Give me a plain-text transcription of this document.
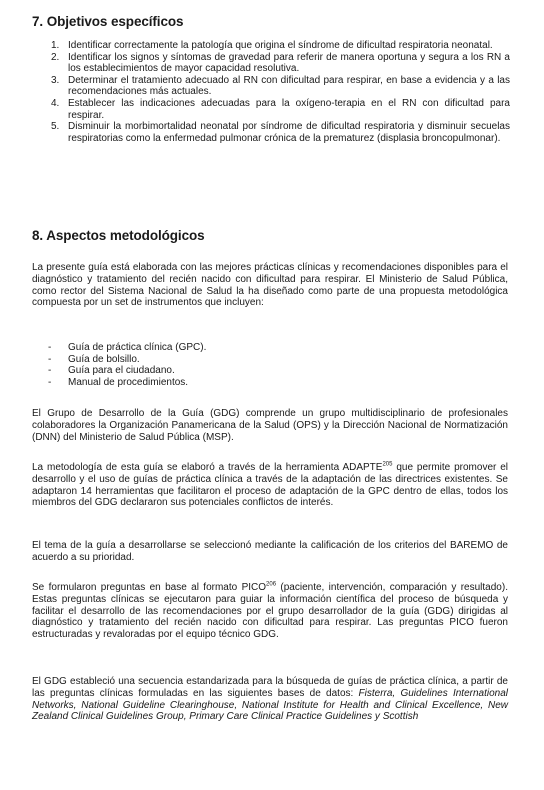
7. Objetivos específicos
1. Identificar correctamente la patología que origina el síndrome de dificultad respiratoria neonatal.
2. Identificar los signos y síntomas de gravedad para referir de manera oportuna y segura a los RN a los establecimientos de mayor capacidad resolutiva.
3. Determinar el tratamiento adecuado al RN con dificultad para respirar, en base a evidencia y a las recomendaciones más actuales.
4. Establecer las indicaciones adecuadas para la oxígeno-terapia en el RN con dificultad para respirar.
5. Disminuir la morbimortalidad neonatal por síndrome de dificultad respiratoria y disminuir secuelas respiratorias como la enfermedad pulmonar crónica de la prematurez (displasia broncopulmonar).
8. Aspectos metodológicos

La presente guía está elaborada con las mejores prácticas clínicas y recomendaciones disponibles para el diagnóstico y tratamiento del recién nacido con dificultad para respirar. El Ministerio de Salud Pública, como rector del Sistema Nacional de Salud la ha diseñado como parte de una propuesta metodológica compuesta por un set de instrumentos que incluyen:

- Guía de práctica clínica (GPC).
- Guía de bolsillo.
- Guía para el ciudadano.
- Manual de procedimientos.

El Grupo de Desarrollo de la Guía (GDG) comprende un grupo multidisciplinario de profesionales colaboradores la Organización Panamericana de la Salud (OPS) y la Dirección Nacional de Normatización (DNN) del Ministerio de Salud Pública (MSP).

La metodología de esta guía se elaboró a través de la herramienta ADAPTE$^{205}$ que permite promover el desarrollo y el uso de guías de práctica clínica a través de la adaptación de las directrices existentes. Se adaptaron 14 herramientas que facilitaron el proceso de adaptación de la GPC dentro de ellas, todos los miembros del GDG declararon sus potenciales conflictos de interés.

El tema de la guía a desarrollarse se seleccionó mediante la calificación de los criterios del BAREMO de acuerdo a su prioridad.

Se formularon preguntas en base al formato PICO$^{206}$ (paciente, intervención, comparación y resultado). Estas preguntas clínicas se ejecutaron para guiar la información científica del proceso de búsqueda y facilitar el desarrollo de las recomendaciones por el grupo desarrollador de la guía (GDG) dirigidas al diagnóstico y tratamiento del recién nacido con dificultad para respirar. Las preguntas PICO fueron estructuradas y revaloradas por el equipo técnico GDG.

El GDG estableció una secuencia estandarizada para la búsqueda de guías de práctica clínica, a partir de las preguntas clínicas formuladas en las siguientes bases de datos: Fisterra, Guidelines International Networks, National Guideline Clearinghouse, National Institute for Health and Clinical Excellence, New Zealand Clinical Guidelines Group, Primary Care Clinical Practice Guidelines y Scottish
